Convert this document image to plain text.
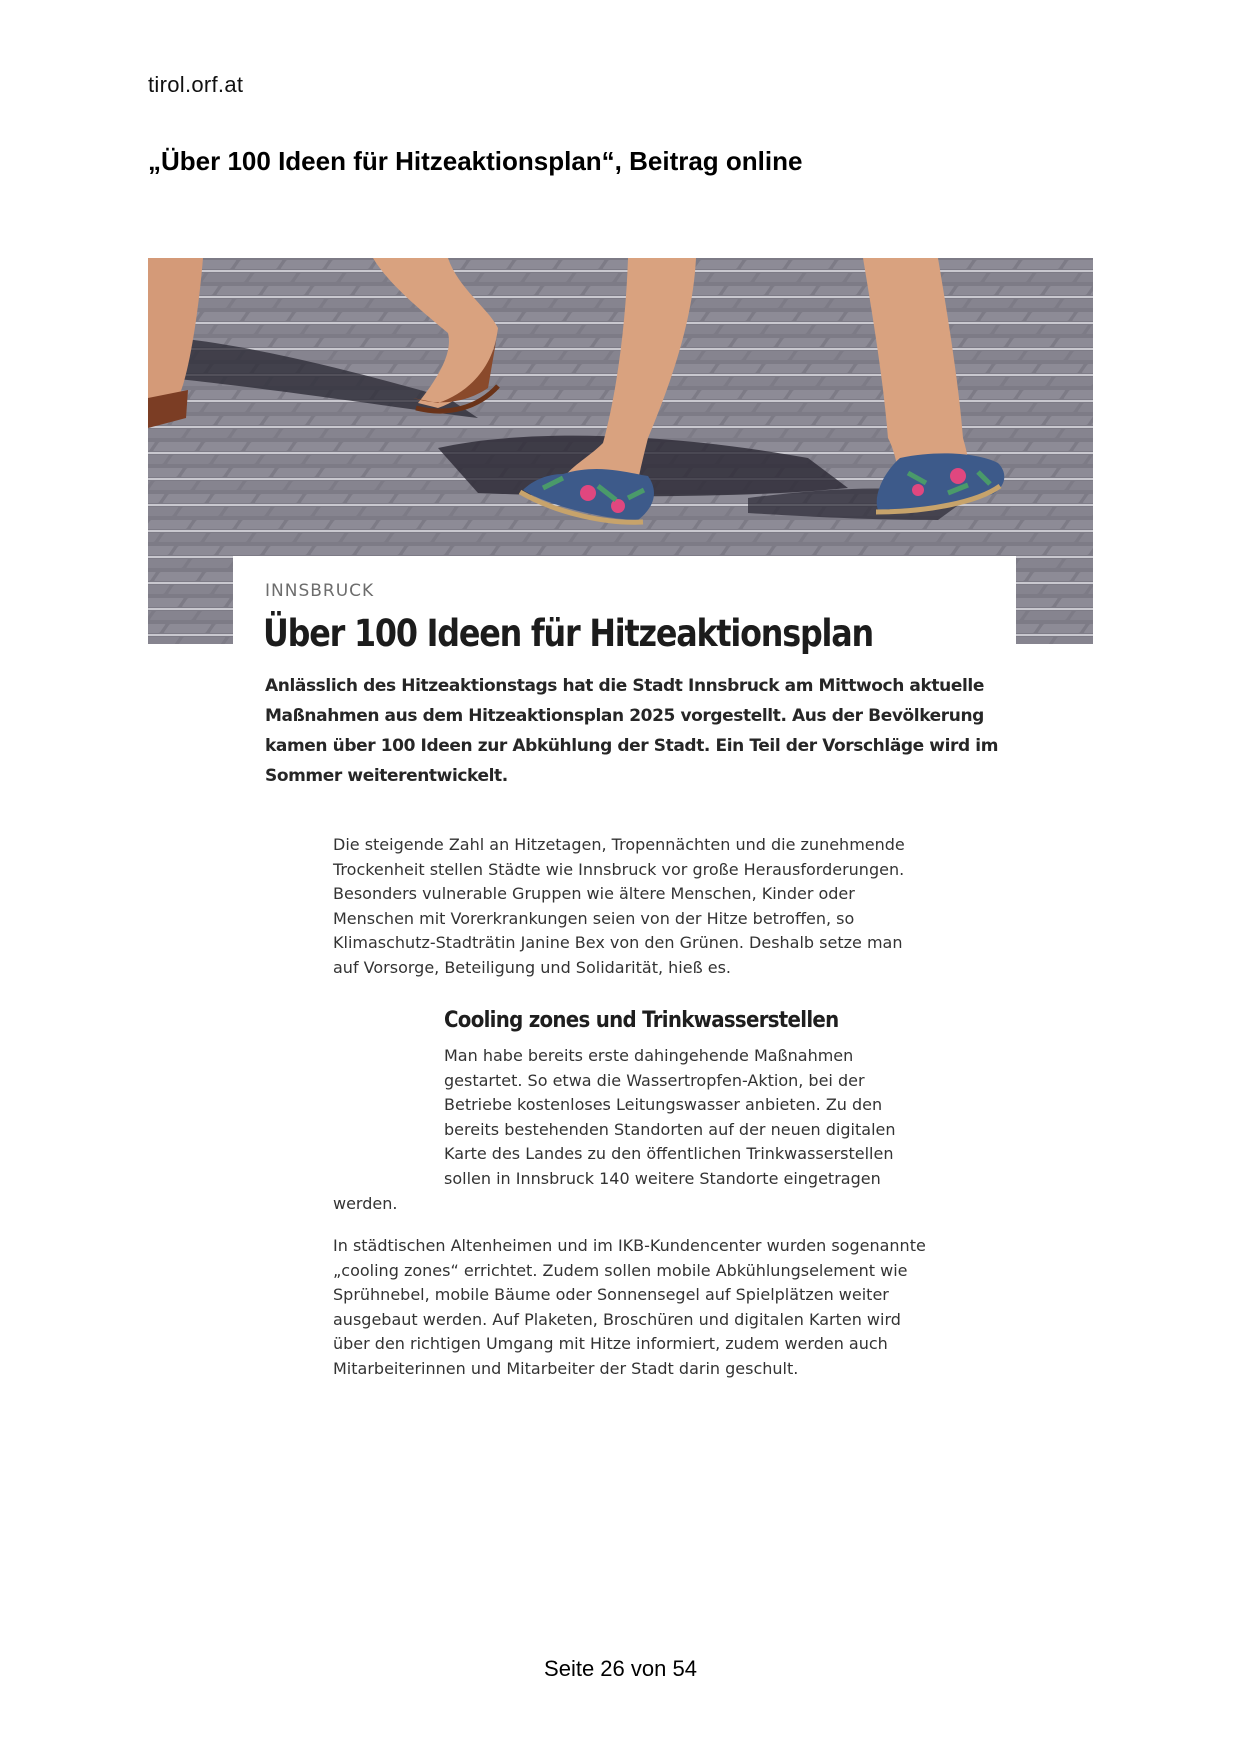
tirol.orf.at
„Über 100 Ideen für Hitzeaktionsplan“, Beitrag online
INNSBRUCK
Über 100 Ideen für Hitzeaktionsplan
Anlässlich des Hitzeaktionstags hat die Stadt Innsbruck am Mittwoch aktuelle Maßnahmen aus dem Hitzeaktionsplan 2025 vorgestellt. Aus der Bevölkerung kamen über 100 Ideen zur Abkühlung der Stadt. Ein Teil der Vorschläge wird im Sommer weiterentwickelt.
Die steigende Zahl an Hitzetagen, Tropennächten und die zunehmende Trockenheit stellen Städte wie Innsbruck vor große Herausforderungen. Besonders vulnerable Gruppen wie ältere Menschen, Kinder oder Menschen mit Vorerkrankungen seien von der Hitze betroffen, so Klimaschutz-Stadträtin Janine Bex von den Grünen. Deshalb setze man auf Vorsorge, Beteiligung und Solidarität, hieß es.
Cooling zones und Trinkwasserstellen
Man habe bereits erste dahingehende Maßnahmen gestartet. So etwa die Wassertropfen-Aktion, bei der Betriebe kostenloses Leitungswasser anbieten. Zu den bereits bestehenden Standorten auf der neuen digitalen Karte des Landes zu den öffentlichen Trinkwasserstellen sollen in Innsbruck 140 weitere Standorte eingetragen
werden.
In städtischen Altenheimen und im IKB-Kundencenter wurden sogenannte „cooling zones“ errichtet. Zudem sollen mobile Abkühlungselement wie Sprühnebel, mobile Bäume oder Sonnensegel auf Spielplätzen weiter ausgebaut werden. Auf Plaketen, Broschüren und digitalen Karten wird über den richtigen Umgang mit Hitze informiert, zudem werden auch Mitarbeiterinnen und Mitarbeiter der Stadt darin geschult.
Seite 26 von 54
